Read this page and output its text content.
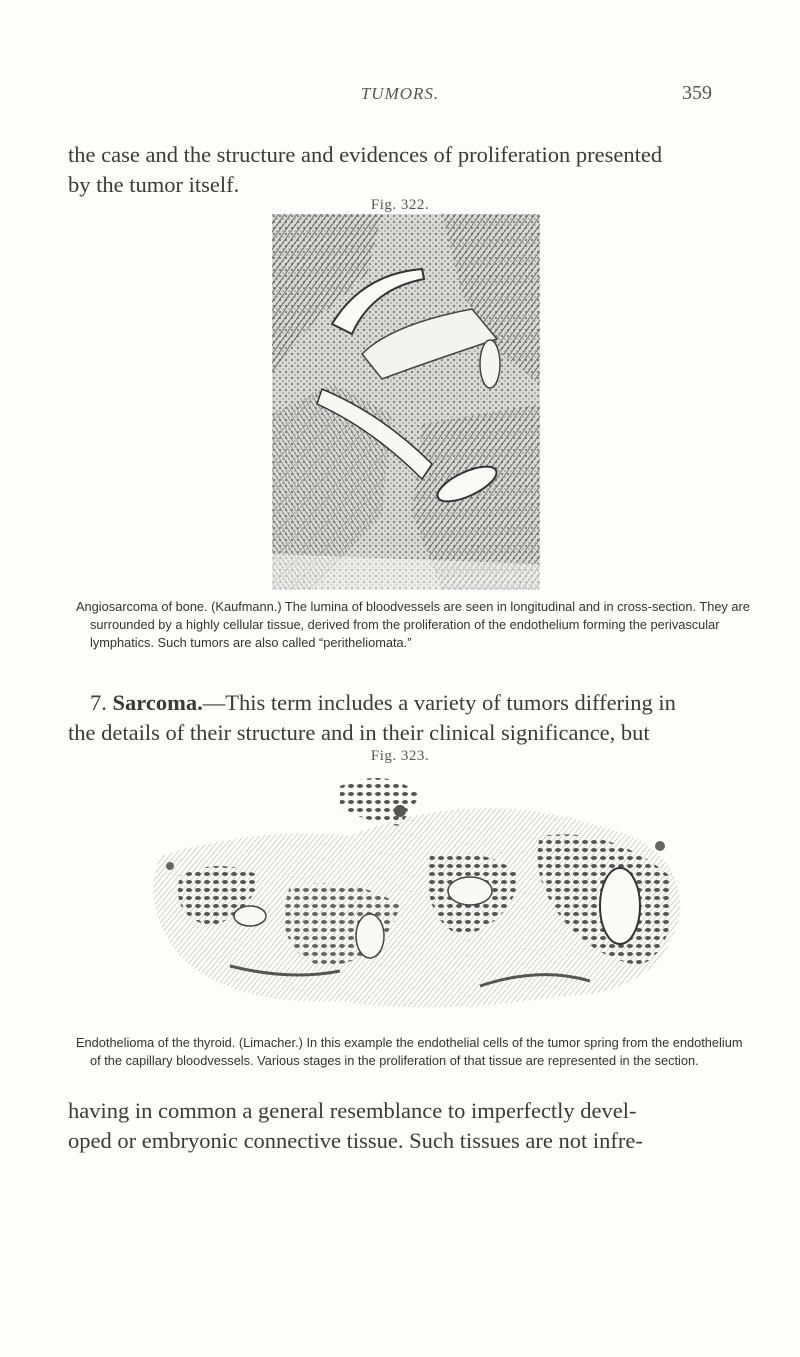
TUMORS.	359
the case and the structure and evidences of proliferation presented
by the tumor itself.
Fig. 322.
Angiosarcoma of bone. (Kaufmann.) The lumina of bloodvessels are seen in longitudinal and in cross-section. They are surrounded by a highly cellular tissue, derived from the proliferation of the endothelium forming the perivascular lymphatics. Such tumors are also called “peritheliomata.”
7. Sarcoma.—This term includes a variety of tumors differing in
the details of their structure and in their clinical significance, but
Fig. 323.
Endothelioma of the thyroid. (Limacher.) In this example the endothelial cells of the tumor spring from the endothelium of the capillary bloodvessels. Various stages in the proliferation of that tissue are represented in the section.
having in common a general resemblance to imperfectly devel-
oped or embryonic connective tissue. Such tissues are not infre-
